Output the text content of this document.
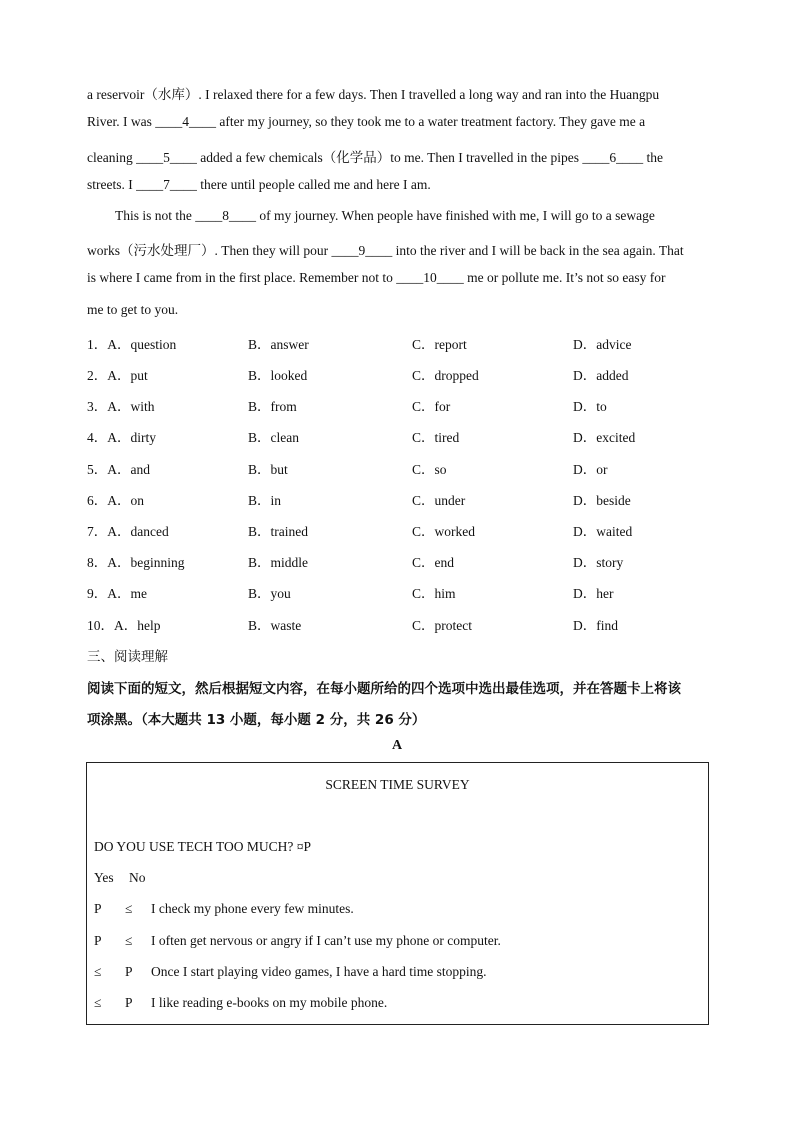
a reservoir（水库）. I relaxed there for a few days. Then I travelled a long way and ran into the Huangpu
River. I was ____4____ after my journey, so they took me to a water treatment factory. They gave me a
cleaning ____5____ added a few chemicals（化学品）to me. Then I travelled in the pipes ____6____ the
streets. I ____7____ there until people called me and here I am.
This is not the ____8____ of my journey. When people have finished with me, I will go to a sewage
works（污水处理厂）. Then they will pour ____9____ into the river and I will be back in the sea again. That
is where I came from in the first place. Remember not to ____10____ me or pollute me. It’s not so easy for
me to get to you.
1．A．question	B．answer	C．report	D．advice
2．A．put	B．looked	C．dropped	D．added
3．A．with	B．from	C．for	D．to
4．A．dirty	B．clean	C．tired	D．excited
5．A．and	B．but	C．so	D．or
6．A．on	B．in	C．under	D．beside
7．A．danced	B．trained	C．worked	D．waited
8．A．beginning	B．middle	C．end	D．story
9．A．me	B．you	C．him	D．her
10．A．help	B．waste	C．protect	D．find
三、阅读理解
阅读下面的短文，然后根据短文内容，在每小题所给的四个选项中选出最佳选项，并在答题卡上将该
项涂黑。（本大题共 13 小题，每小题 2 分，共 26 分）
A
SCREEN TIME SURVEY
DO YOU USE TECH TOO MUCH? ¤P
Yes No
P ≤ I check my phone every few minutes.
P ≤ I often get nervous or angry if I can’t use my phone or computer.
≤ P Once I start playing video games, I have a hard time stopping.
≤ P I like reading e-books on my mobile phone.
